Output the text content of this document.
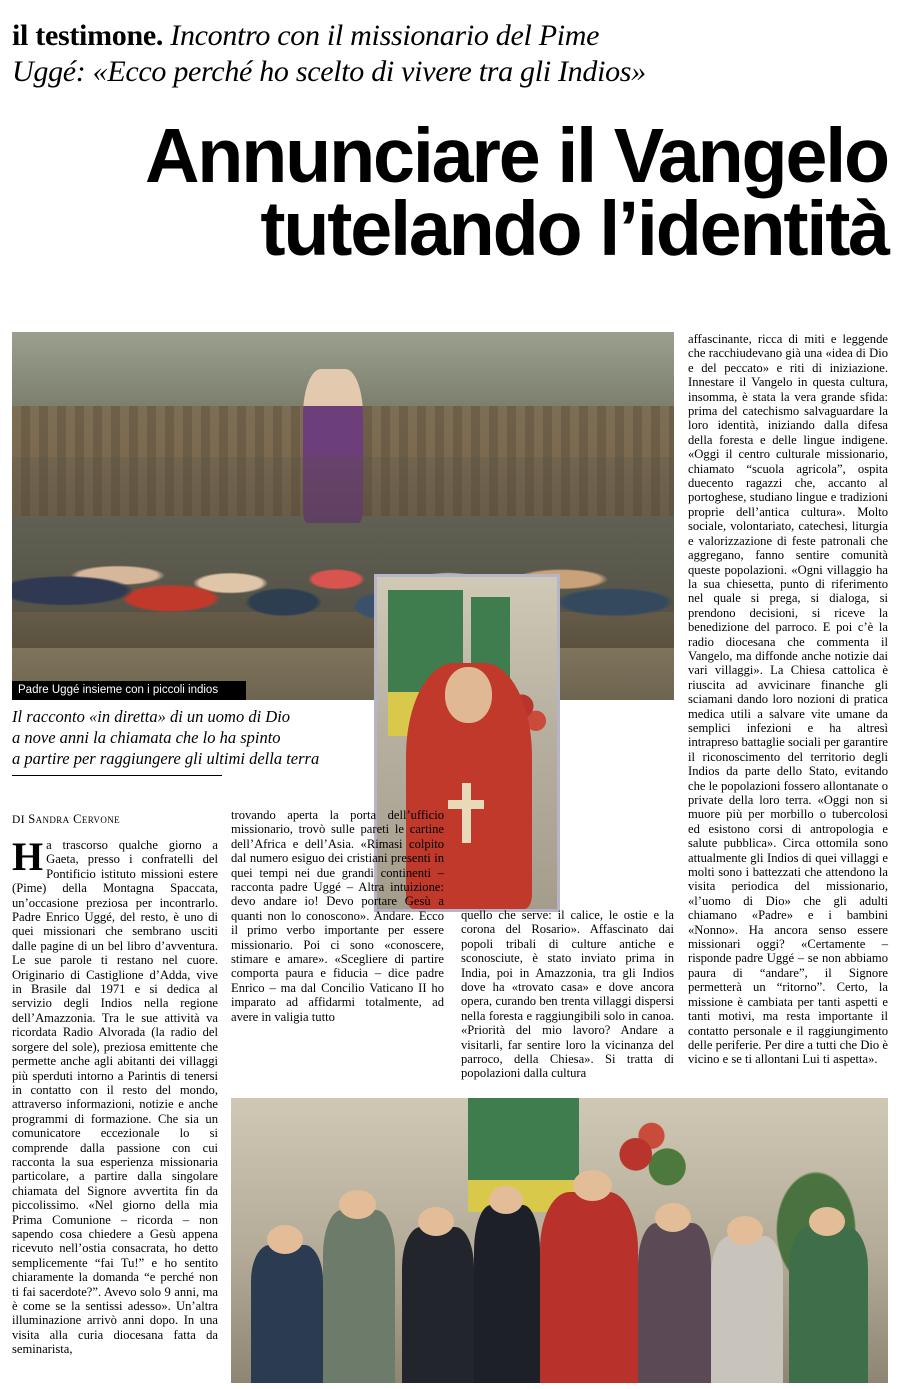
il testimone. Incontro con il missionario del Pime
Uggé: «Ecco perché ho scelto di vivere tra gli Indios»
Annunciare il Vangelo
tutelando l’identità
Padre Uggé insieme con i piccoli indios

Il racconto «in diretta» di un uomo di Dio

a nove anni la chiamata che lo ha spinto

a partire per raggiungere gli ultimi della terra

DI Sandra Cervone

Ha trascorso qualche giorno a Gaeta, presso i confratelli del Pontificio istituto missioni estere (Pime) della Montagna Spaccata, un’occasione preziosa per incontrarlo. Padre Enrico Uggé, del resto, è uno di quei missionari che sembrano usciti dalle pagine di un bel libro d’avventura. Le sue parole ti restano nel cuore. Originario di Castiglione d’Adda, vive in Brasile dal 1971 e si dedica al servizio degli Indios nella regione dell’Amazzonia. Tra le sue attività va ricordata Radio Alvorada (la radio del sorgere del sole), preziosa emittente che permette anche agli abitanti dei villaggi più sperduti intorno a Parintis di tenersi in contatto con il resto del mondo, attraverso informazioni, notizie e anche programmi di formazione. Che sia un comunicatore eccezionale lo si comprende dalla passione con cui racconta la sua esperienza missionaria particolare, a partire dalla singolare chiamata del Signore avvertita fin da piccolissimo. «Nel giorno della mia Prima Comunione – ricorda – non sapendo cosa chiedere a Gesù appena ricevuto nell’ostia consacrata, ho detto semplicemente “fai Tu!” e ho sentito chiaramente la domanda “e perché non ti fai sacerdote?”. Avevo solo 9 anni, ma è come se la sentissi adesso». Un’altra illuminazione arrivò anni dopo. In una visita alla curia diocesana fatta da seminarista,

trovando aperta la porta dell’ufficio missionario, trovò sulle pareti le cartine dell’Africa e dell’Asia. «Rimasi colpito dal numero esiguo dei cristiani presenti in quei tempi nei due grandi continenti – racconta padre Uggé – Altra intuizione: devo andare io! Devo portare Gesù a quanti non lo conoscono». Andare. Ecco il primo verbo importante per essere missionario. Poi ci sono «conoscere, stimare e amare». «Scegliere di partire comporta paura e fiducia – dice padre Enrico – ma dal Concilio Vaticano II ho imparato ad affidarmi totalmente, ad avere in valigia tutto

quello che serve: il calice, le ostie e la corona del Rosario». Affascinato dai popoli tribali di culture antiche e sconosciute, è stato inviato prima in India, poi in Amazzonia, tra gli Indios dove ha «trovato casa» e dove ancora opera, curando ben trenta villaggi dispersi nella foresta e raggiungibili solo in canoa. «Priorità del mio lavoro? Andare a visitarli, far sentire loro la vicinanza del parroco, della Chiesa». Si tratta di popolazioni dalla cultura

affascinante, ricca di miti e leggende che racchiudevano già una «idea di Dio e del peccato» e riti di iniziazione. Innestare il Vangelo in questa cultura, insomma, è stata la vera grande sfida: prima del catechismo salvaguardare la loro identità, iniziando dalla difesa della foresta e delle lingue indigene. «Oggi il centro culturale missionario, chiamato “scuola agricola”, ospita duecento ragazzi che, accanto al portoghese, studiano lingue e tradizioni proprie dell’antica cultura». Molto sociale, volontariato, catechesi, liturgia e valorizzazione di feste patronali che aggregano, fanno sentire comunità queste popolazioni. «Ogni villaggio ha la sua chiesetta, punto di riferimento nel quale si prega, si dialoga, si prendono decisioni, si riceve la benedizione del parroco. E poi c’è la radio diocesana che commenta il Vangelo, ma diffonde anche notizie dai vari villaggi». La Chiesa cattolica è riuscita ad avvicinare finanche gli sciamani dando loro nozioni di pratica medica utili a salvare vite umane da semplici infezioni e ha altresì intrapreso battaglie sociali per garantire il riconoscimento del territorio degli Indios da parte dello Stato, evitando che le popolazioni fossero allontanate o private della loro terra. «Oggi non si muore più per morbillo o tubercolosi ed esistono corsi di antropologia e salute pubblica». Circa ottomila sono attualmente gli Indios di quei villaggi e molti sono i battezzati che attendono la visita periodica del missionario, «l’uomo di Dio» che gli adulti chiamano «Padre» e i bambini «Nonno». Ha ancora senso essere missionari oggi? «Certamente – risponde padre Uggé – se non abbiamo paura di “andare”, il Signore permetterà un “ritorno”. Certo, la missione è cambiata per tanti aspetti e tanti motivi, ma resta importante il contatto personale e il raggiungimento delle periferie. Per dire a tutti che Dio è vicino e se ti allontani Lui ti aspetta».
